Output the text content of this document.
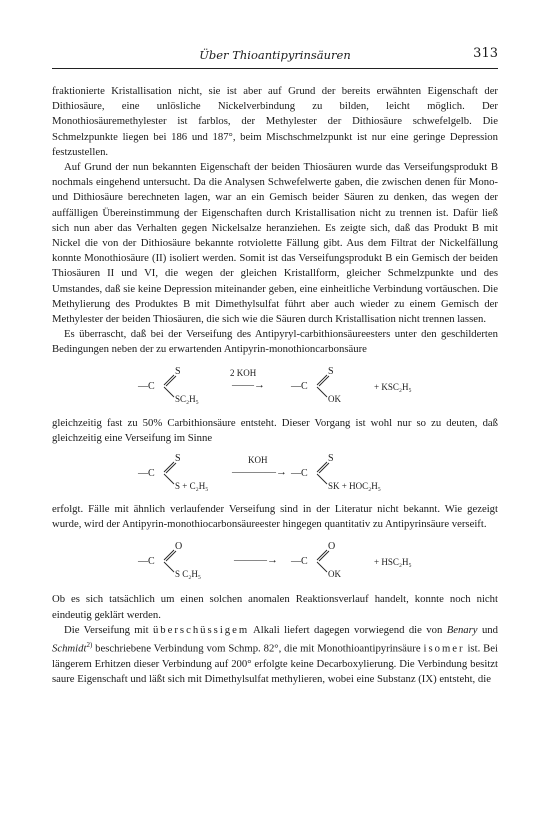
Über Thioantipyrinsäuren	313

fraktionierte Kristallisation nicht, sie ist aber auf Grund der bereits erwähnten Eigenschaft der Dithiosäure, eine unlösliche Nickelverbindung zu bilden, leicht möglich. Der Monothiosäuremethylester ist farblos, der Methylester der Dithiosäure schwefelgelb. Die Schmelzpunkte liegen bei 186 und 187°, beim Mischschmelzpunkt ist nur eine geringe Depression festzustellen.

Auf Grund der nun bekannten Eigenschaft der beiden Thiosäuren wurde das Verseifungsprodukt B nochmals eingehend untersucht. Da die Analysen Schwefelwerte gaben, die zwischen denen für Mono- und Dithiosäure berechneten lagen, war an ein Gemisch beider Säuren zu denken, das wegen der auffälligen Übereinstimmung der Eigenschaften durch Kristallisation nicht zu trennen ist. Dafür ließ sich nun aber das Verhalten gegen Nickelsalze heranziehen. Es zeigte sich, daß das Produkt B mit Nickel die von der Dithiosäure bekannte rotviolette Fällung gibt. Aus dem Filtrat der Nickelfällung konnte Monothiosäure (II) isoliert werden. Somit ist das Verseifungsprodukt B ein Gemisch der beiden Thiosäuren II und VI, die wegen der gleichen Kristallform, gleicher Schmelzpunkte und des Umstandes, daß sie keine Depression miteinander geben, eine einheitliche Verbindung vortäuschen. Die Methylierung des Produktes B mit Dimethylsulfat führt aber auch wieder zu einem Gemisch der Methylester der beiden Thiosäuren, die sich wie die Säuren durch Kristallisation nicht trennen lassen.

Es überrascht, daß bei der Verseifung des Antipyryl-carbithionsäureesters unter den geschilderten Bedingungen neben der zu erwartenden Antipyrin-monothioncarbonsäure

—C
S
SC₂H₅
2 KOH
——→	—C
S
OK
+ KSC₂H₅

gleichzeitig fast zu 50% Carbithionsäure entsteht. Dieser Vorgang ist wohl nur so zu deuten, daß gleichzeitig eine Verseifung im Sinne

—C
S
S + C₂H₅
KOH
————→ —C
S
SK + HOC₂H₅

erfolgt. Fälle mit ähnlich verlaufender Verseifung sind in der Literatur nicht bekannt. Wie gezeigt wurde, wird der Antipyrin-monothiocarbonsäureester hingegen quantitativ zu Antipyrinsäure verseift.

—C
O
S C₂H₅
———→ —C
O
OK
+ HSC₂H₅

Ob es sich tatsächlich um einen solchen anomalen Reaktionsverlauf handelt, konnte noch nicht eindeutig geklärt werden.

Die Verseifung mit überschüssigem Alkali liefert dagegen vorwiegend die von Benary und Schmidt$^{2)}$ beschriebene Verbindung vom Schmp. 82°, die mit Monothioantipyrinsäure isomer ist. Bei längerem Erhitzen dieser Verbindung auf 200° erfolgte keine Decarboxylierung. Die Verbindung besitzt saure Eigenschaft und läßt sich mit Dimethylsulfat methylieren, wobei eine Substanz (IX) entsteht, die
